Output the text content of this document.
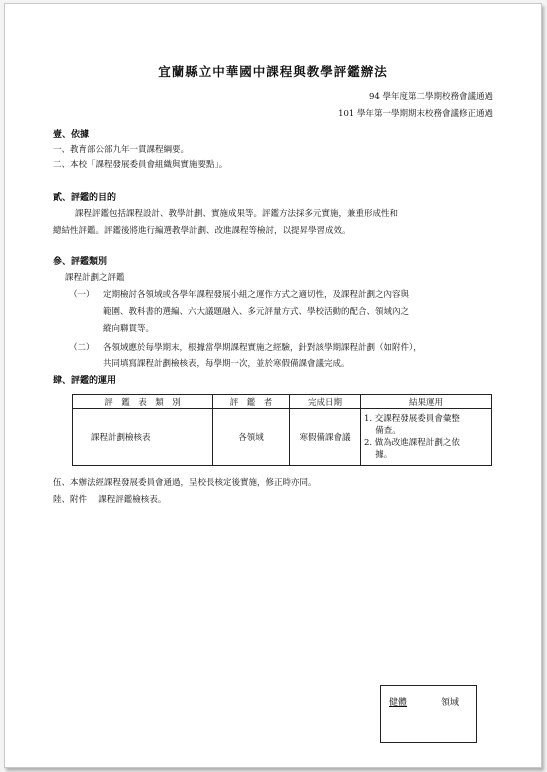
宜蘭縣立中華國中課程與教學評鑑辦法
94 學年度第二學期校務會議通過
101 學年第一學期期末校務會議修正通過
壹、依據
一、教育部公部九年一貫課程綱要。
二、本校「課程發展委員會組織與實施要點」。
貳、評鑑的目的
課程評鑑包括課程設計、教學計劃、實施成果等。評鑑方法採多元實施，兼重形成性和
總結性評鑑。評鑑後將進行編選教學計劃、改進課程等檢討，以提昇學習成效。
參、評鑑類別
課程計劃之評鑑
（一） 定期檢討各領域或各學年課程發展小組之運作方式之適切性，及課程計劃之內容與
範圍、教科書的選編、六大議題融入、多元評量方式、學校活動的配合、領域內之
縱向聯貫等。
（二） 各領域應於每學期末，根據當學期課程實施之經驗，針對該學期課程計劃（如附件），
共同填寫課程計劃檢核表，每學期一次，並於寒假備課會議完成。
肆、評鑑的運用
評　鑑　表　類　別	評　鑑　者	完成日期	結果運用
課程計劃檢核表	各領域	寒假備課會議	1. 交課程發展委員會彙整
　 備查。
2. 做為改進課程計劃之依
　 據。
伍、本辦法經課程發展委員會通過，呈校長核定後實施，修正時亦同。
陸、附件　 課程評鑑檢核表。
健體	領域
